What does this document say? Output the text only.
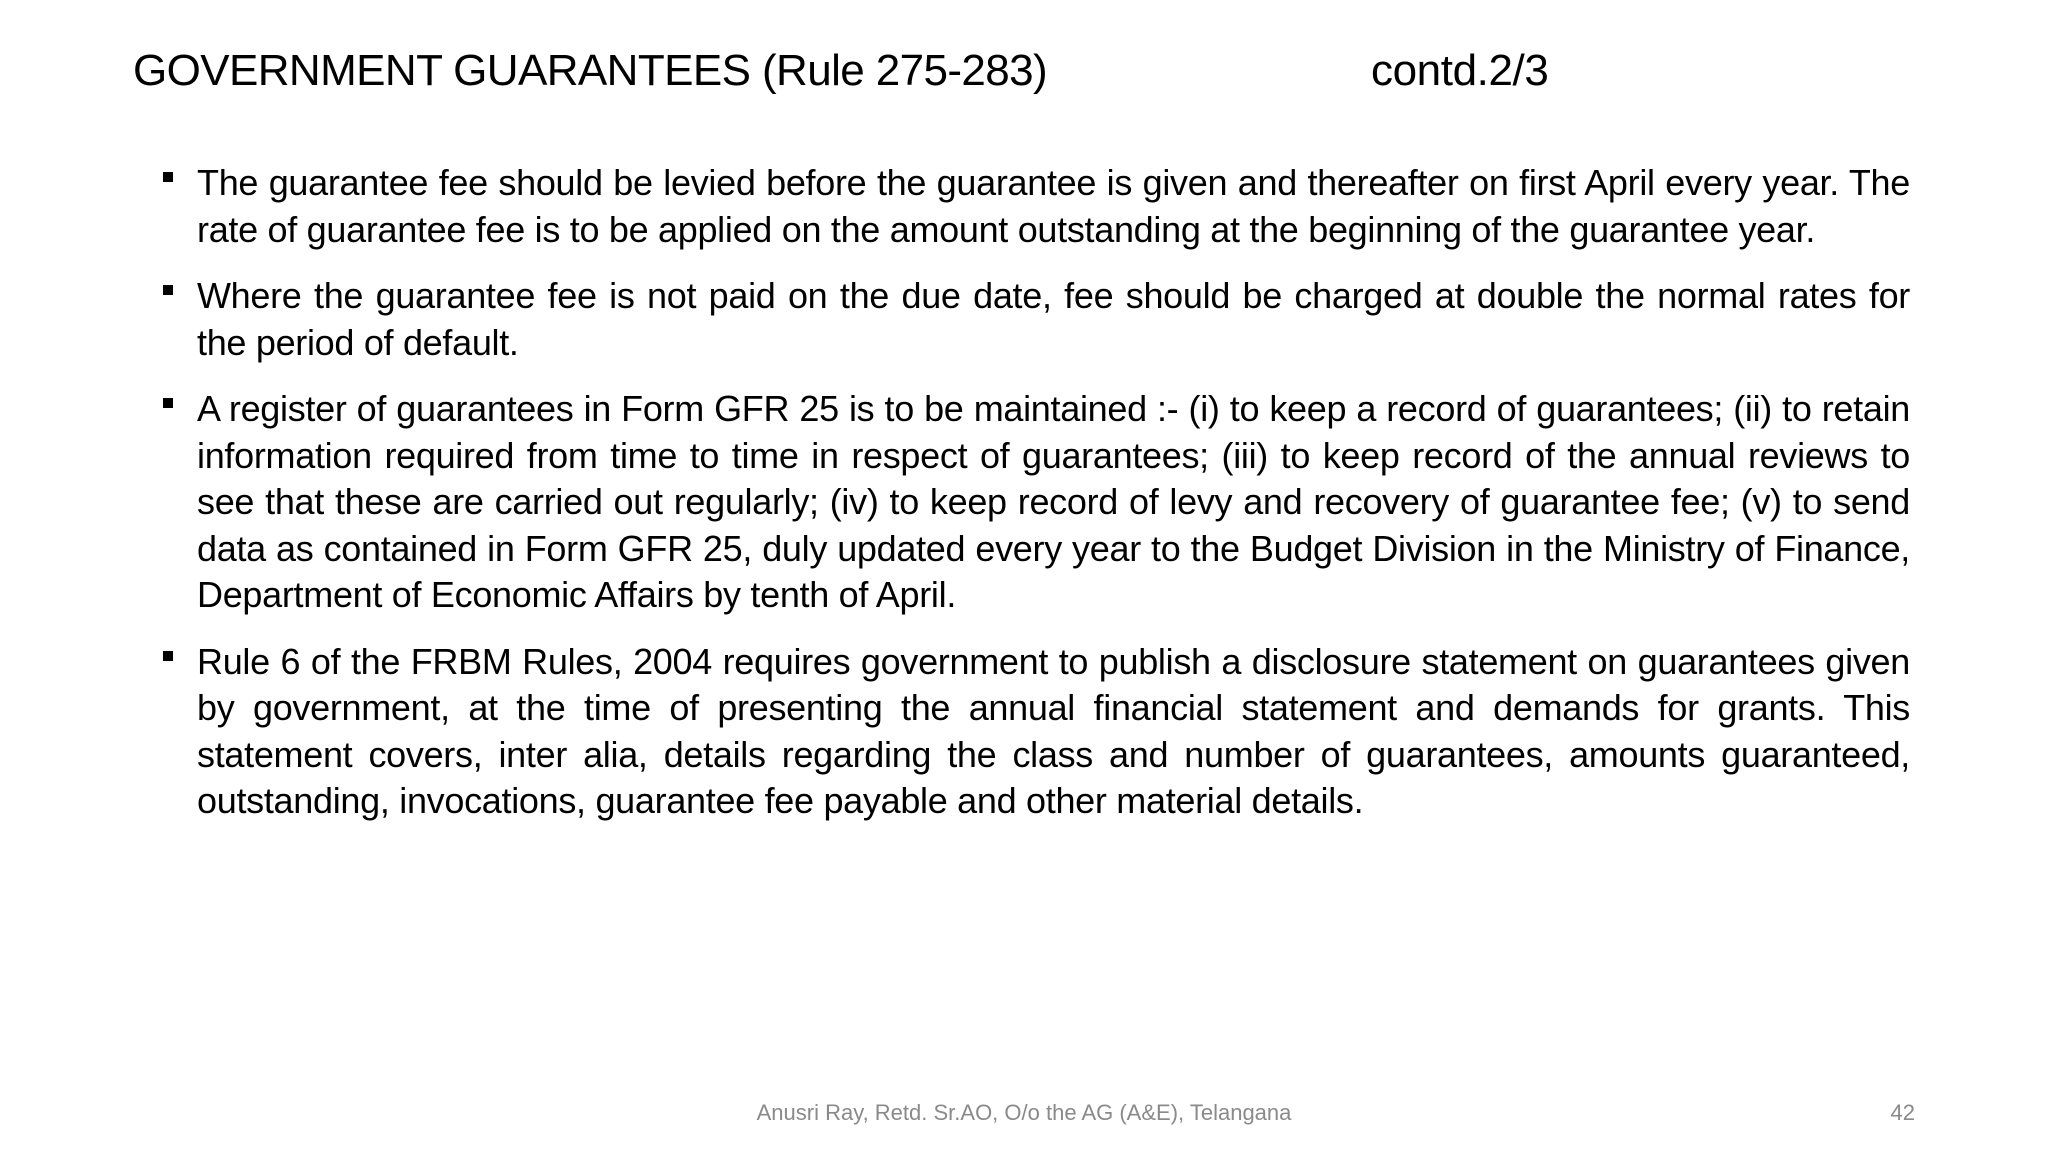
GOVERNMENT GUARANTEES (Rule 275-283)	contd.2/3
The guarantee fee should be levied before the guarantee is given and thereafter on first April every year. The rate of guarantee fee is to be applied on the amount outstanding at the beginning of the guarantee year.
Where the guarantee fee is not paid on the due date, fee should be charged at double the normal rates for the period of default.
A register of guarantees in Form GFR 25 is to be maintained :- (i) to keep a record of guarantees; (ii) to retain information required from time to time in respect of guarantees; (iii) to keep record of the annual reviews to see that these are carried out regularly; (iv) to keep record of levy and recovery of guarantee fee; (v) to send data as contained in Form GFR 25, duly updated every year to the Budget Division in the Ministry of Finance, Department of Economic Affairs by tenth of April.
Rule 6 of the FRBM Rules, 2004 requires government to publish a disclosure statement on guarantees given by government, at the time of presenting the annual financial statement and demands for grants. This statement covers, inter alia, details regarding the class and number of guarantees, amounts guaranteed, outstanding, invocations, guarantee fee payable and other material details.
Anusri Ray, Retd. Sr.AO, O/o the AG (A&E), Telangana	42
